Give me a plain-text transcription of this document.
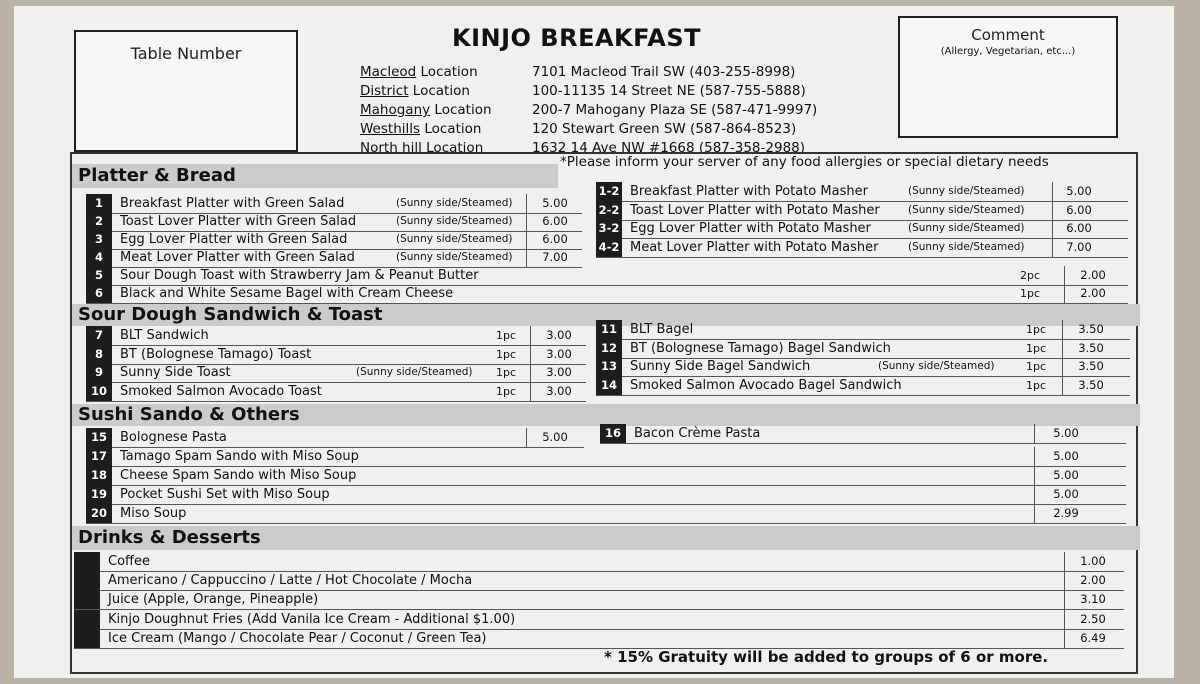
Table Number
Comment
(Allergy, Vegetarian, etc...)
KINJO BREAKFAST
Macleod Location	7101 Macleod Trail SW (403-255-8998)
District Location	100-11135 14 Street NE (587-755-5888)
Mahogany Location	200-7 Mahogany Plaza SE (587-471-9997)
Westhills Location	120 Stewart Green SW (587-864-8523)
North hill Location	1632 14 Ave NW #1668 (587-358-2988)
Platter & Bread
*Please inform your server of any food allergies or special dietary needs
1	Breakfast Platter with Green Salad	(Sunny side/Steamed)	5.00
2	Toast Lover Platter with Green Salad	(Sunny side/Steamed)	6.00
3	Egg Lover Platter with Green Salad	(Sunny side/Steamed)	6.00
4	Meat Lover Platter with Green Salad	(Sunny side/Steamed)	7.00
1-2 Breakfast Platter with Potato Masher	(Sunny side/Steamed)	5.00
2-2 Toast Lover Platter with Potato Masher	(Sunny side/Steamed)	6.00
3-2 Egg Lover Platter with Potato Masher	(Sunny side/Steamed)	6.00
4-2 Meat Lover Platter with Potato Masher	(Sunny side/Steamed)	7.00
5	Sour Dough Toast with Strawberry Jam & Peanut Butter	2pc	2.00
6	Black and White Sesame Bagel with Cream Cheese	1pc	2.00
Sour Dough Sandwich & Toast
7	BLT Sandwich	1pc	3.00
8	BT (Bolognese Tamago) Toast	1pc	3.00
9	Sunny Side Toast	(Sunny side/Steamed) 1pc	3.00
10	Smoked Salmon Avocado Toast	1pc	3.00
11	BLT Bagel	1pc	3.50
12	BT (Bolognese Tamago) Bagel Sandwich	1pc	3.50
13	Sunny Side Bagel Sandwich	(Sunny side/Steamed)	1pc	3.50
14	Smoked Salmon Avocado Bagel Sandwich	1pc	3.50
Sushi Sando & Others
15	Bolognese Pasta	5.00
17	Tamago Spam Sando with Miso Soup	5.00
18	Cheese Spam Sando with Miso Soup	5.00
19	Pocket Sushi Set with Miso Soup	5.00
20	Miso Soup	2.99
16	Bacon Crème Pasta	5.00
Drinks & Desserts
Coffee	1.00
Americano / Cappuccino / Latte / Hot Chocolate / Mocha	2.00
Juice (Apple, Orange, Pineapple)	3.10
Kinjo Doughnut Fries (Add Vanila Ice Cream - Additional $1.00)	2.50
Ice Cream (Mango / Chocolate Pear / Coconut / Green Tea)	6.49
* 15% Gratuity will be added to groups of 6 or more.
